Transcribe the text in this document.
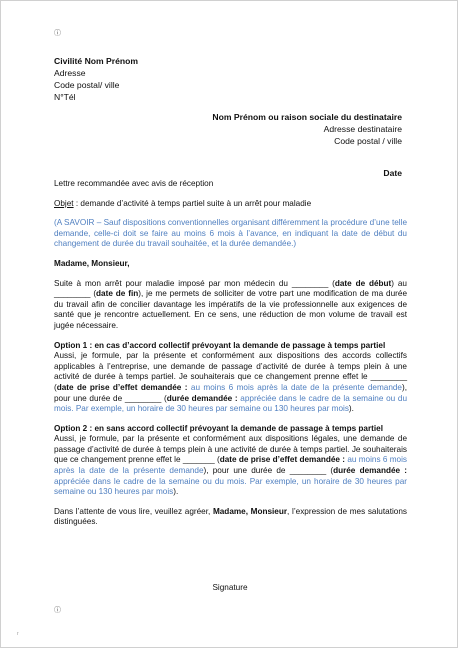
ⓘ
Civilité Nom Prénom
Adresse
Code postal/ ville
N°Tél
Nom Prénom ou raison sociale du destinataire
Adresse destinataire
Code postal / ville
Date

Lettre recommandée avec avis de réception

Objet : demande d’activité à temps partiel suite à un arrêt pour maladie

(A SAVOIR – Sauf dispositions conventionnelles organisant différemment la procédure d’une telle demande, celle-ci doit se faire au moins 6 mois à l’avance, en indiquant la date de début du changement de durée du travail souhaitée, et la durée demandée.)

Madame, Monsieur,

Suite à mon arrêt pour maladie imposé par mon médecin du ________ (date de début) au ________ (date de fin), je me permets de solliciter de votre part une modification de ma durée du travail afin de concilier davantage les impératifs de la vie professionnelle aux exigences de santé que je rencontre actuellement. En ce sens, une réduction de mon volume de travail est jugée nécessaire.

Option 1 : en cas d’accord collectif prévoyant la demande de passage à temps partiel
Aussi, je formule, par la présente et conformément aux dispositions des accords collectifs applicables à l’entreprise, une demande de passage d’activité de durée à temps plein à une activité de durée à temps partiel. Je souhaiterais que ce changement prenne effet le ________ (date de prise d’effet demandée : au moins 6 mois après la date de la présente demande), pour une durée de ________ (durée demandée : appréciée dans le cadre de la semaine ou du mois. Par exemple, un horaire de 30 heures par semaine ou 130 heures par mois).

Option 2 : en sans accord collectif prévoyant la demande de passage à temps partiel
Aussi, je formule, par la présente et conformément aux dispositions légales, une demande de passage d’activité de durée à temps plein à une activité de durée à temps partiel. Je souhaiterais que ce changement prenne effet le _______ (date de prise d’effet demandée : au moins 6 mois après la date de la présente demande), pour une durée de ________ (durée demandée : appréciée dans le cadre de la semaine ou du mois. Par exemple, un horaire de 30 heures par semaine ou 130 heures par mois).

Dans l’attente de vous lire, veuillez agréer, Madame, Monsieur, l’expression de mes salutations distinguées.

Signature
ⓘ
r
